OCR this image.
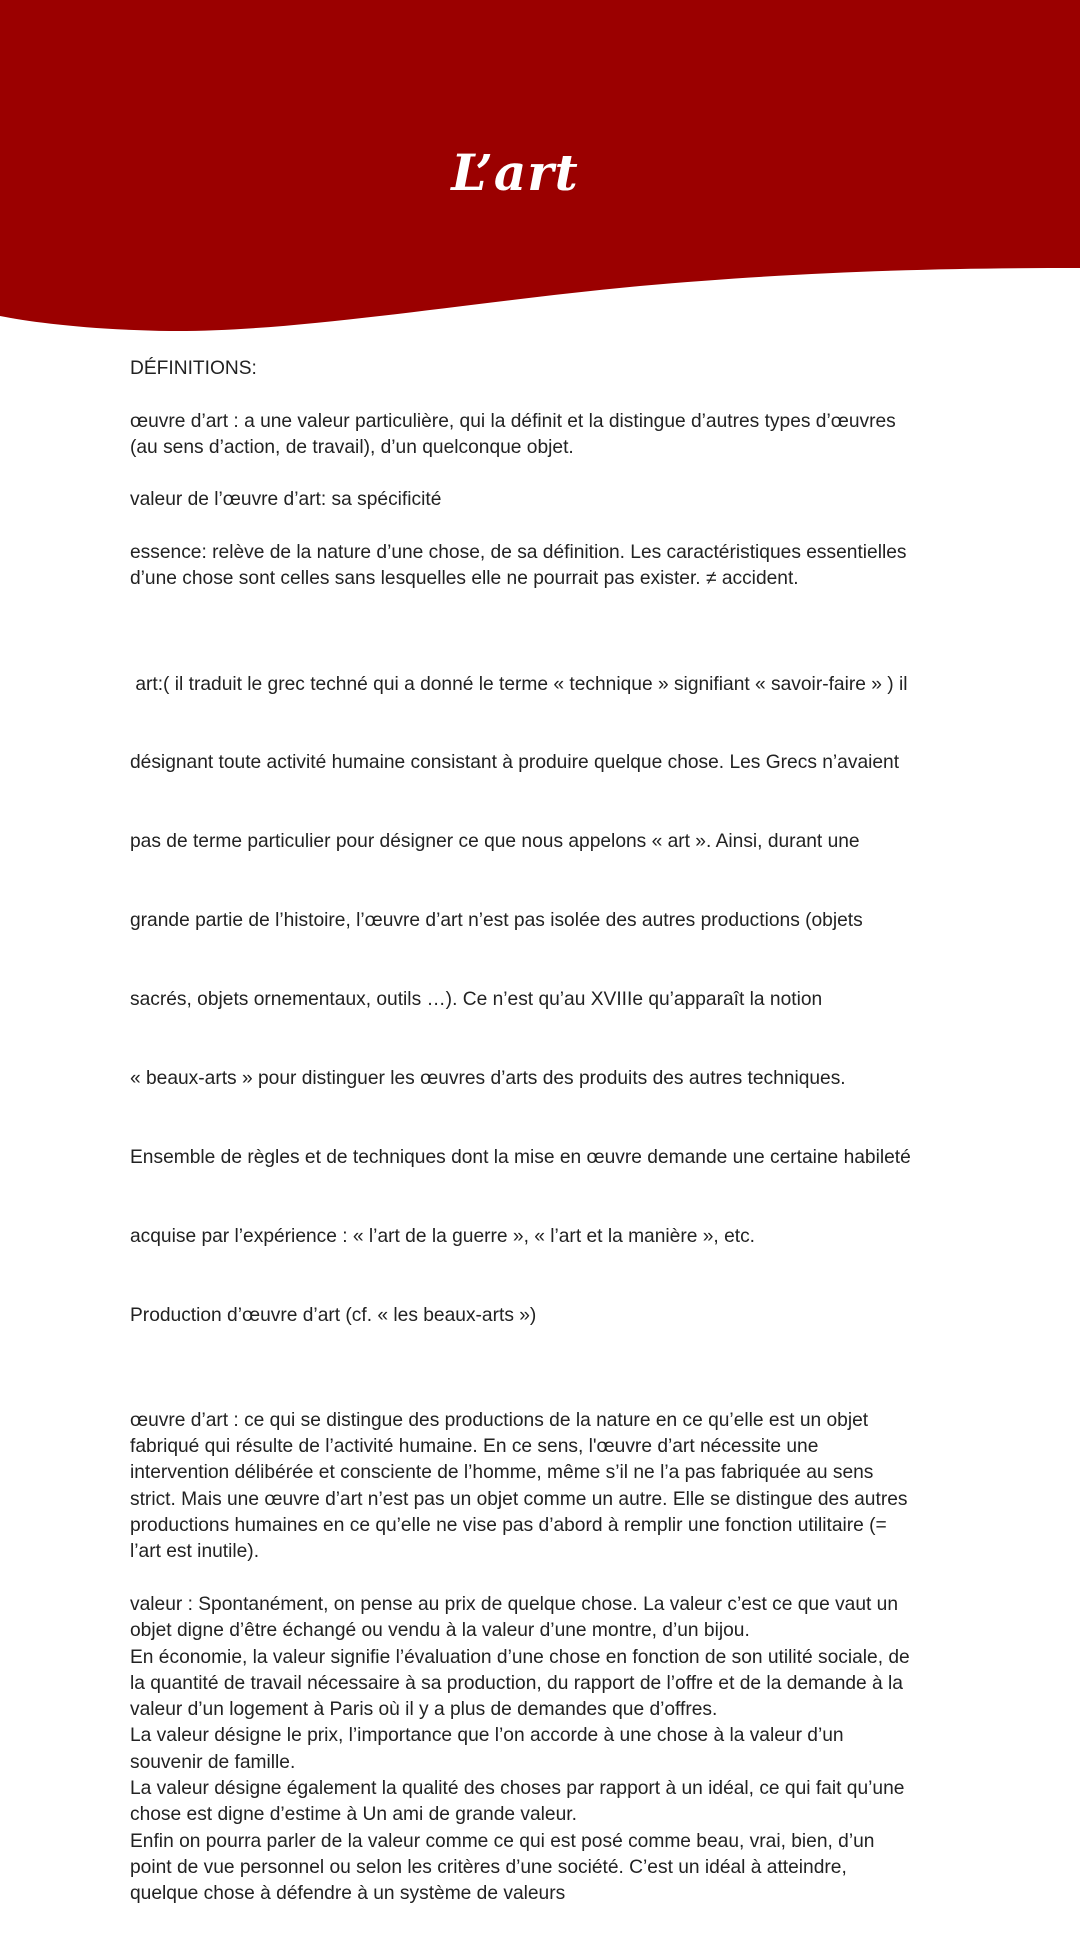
L’art

DÉFINITIONS:

œuvre d’art : a une valeur particulière, qui la définit et la distingue d’autres types d’œuvres
(au sens d’action, de travail), d’un quelconque objet.

valeur de l’œuvre d’art: sa spécificité

essence: relève de la nature d’une chose, de sa définition. Les caractéristiques essentielles
d’une chose sont celles sans lesquelles elle ne pourrait pas exister. ≠ accident.

art:( il traduit le grec techné qui a donné le terme « technique » signifiant « savoir-faire » ) il

désignant toute activité humaine consistant à produire quelque chose. Les Grecs n’avaient

pas de terme particulier pour désigner ce que nous appelons « art ». Ainsi, durant une

grande partie de l’histoire, l’œuvre d’art n’est pas isolée des autres productions (objets

sacrés, objets ornementaux, outils …). Ce n’est qu’au XVIIIe qu’apparaît la notion

« beaux-arts » pour distinguer les œuvres d’arts des produits des autres techniques.

Ensemble de règles et de techniques dont la mise en œuvre demande une certaine habileté

acquise par l’expérience : « l’art de la guerre », « l’art et la manière », etc.

Production d’œuvre d’art (cf. « les beaux-arts »)

œuvre d’art : ce qui se distingue des productions de la nature en ce qu’elle est un objet
fabriqué qui résulte de l’activité humaine. En ce sens, l'œuvre d’art nécessite une
intervention délibérée et consciente de l’homme, même s’il ne l’a pas fabriquée au sens
strict. Mais une œuvre d’art n’est pas un objet comme un autre. Elle se distingue des autres
productions humaines en ce qu’elle ne vise pas d’abord à remplir une fonction utilitaire (=
l’art est inutile).

valeur : Spontanément, on pense au prix de quelque chose. La valeur c’est ce que vaut un
objet digne d’être échangé ou vendu à la valeur d’une montre, d’un bijou.
En économie, la valeur signifie l’évaluation d’une chose en fonction de son utilité sociale, de
la quantité de travail nécessaire à sa production, du rapport de l’offre et de la demande à la
valeur d’un logement à Paris où il y a plus de demandes que d’offres.
La valeur désigne le prix, l’importance que l’on accorde à une chose à la valeur d’un
souvenir de famille.
La valeur désigne également la qualité des choses par rapport à un idéal, ce qui fait qu’une
chose est digne d’estime à Un ami de grande valeur.
Enfin on pourra parler de la valeur comme ce qui est posé comme beau, vrai, bien, d’un
point de vue personnel ou selon les critères d’une société. C’est un idéal à atteindre,
quelque chose à défendre à un système de valeurs
